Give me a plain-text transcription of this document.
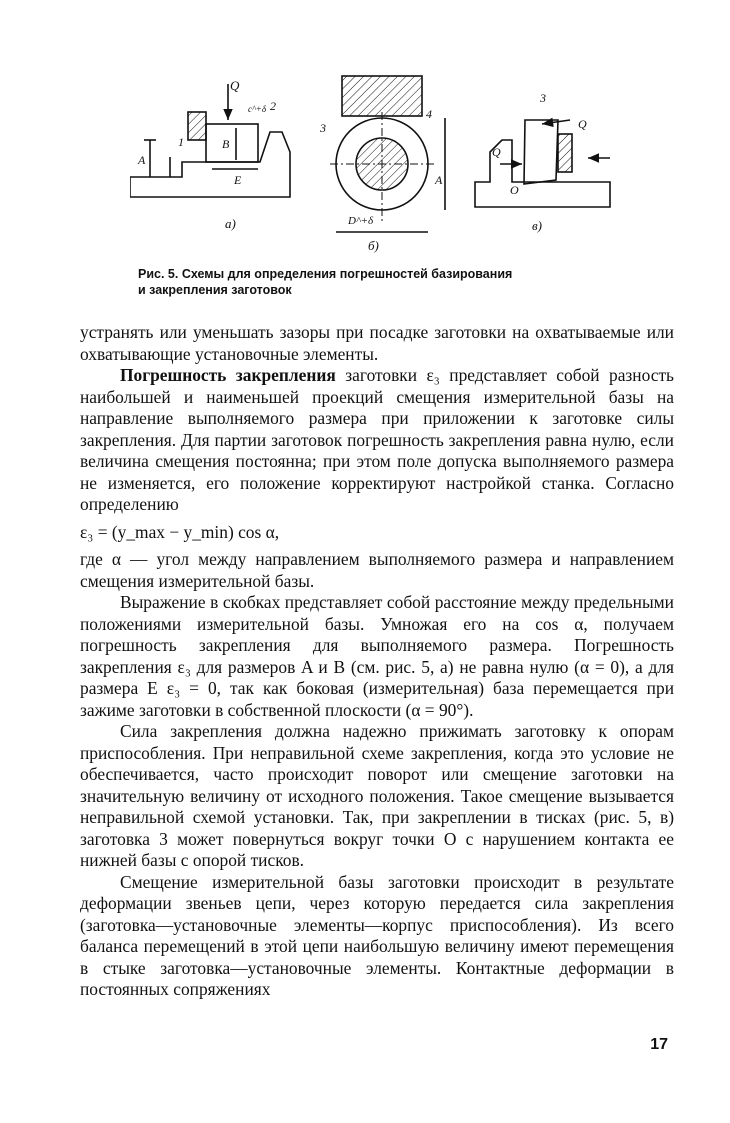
Q
1
2
A
B
E
c^+δ
а)
3
4
A
D^+δ
б)
3
Q
Q
O
в)
Рис. 5. Схемы для определения погрешностей базирования
и закрепления заготовок

устранять или уменьшать зазоры при посадке заготовки на охватываемые или охватывающие установочные элементы.

Погрешность закрепления заготовки ε₃ представляет собой разность наибольшей и наименьшей проекций смещения измерительной базы на направление выполняемого размера при приложении к заготовке силы закрепления. Для партии заготовок погрешность закрепления равна нулю, если величина смещения постоянна; при этом поле допуска выполняемого размера не изменяется, его положение корректируют настройкой станка. Согласно определению

ε₃ = (y_max − y_min) cos α,

где α — угол между направлением выполняемого размера и направлением смещения измерительной базы.

Выражение в скобках представляет собой расстояние между предельными положениями измерительной базы. Умножая его на cos α, получаем погрешность закрепления для выполняемого размера. Погрешность закрепления ε₃ для размеров A и B (см. рис. 5, а) не равна нулю (α = 0), а для размера E ε₃ = 0, так как боковая (измерительная) база перемещается при зажиме заготовки в собственной плоскости (α = 90°).

Сила закрепления должна надежно прижимать заготовку к опорам приспособления. При неправильной схеме закрепления, когда это условие не обеспечивается, часто происходит поворот или смещение заготовки на значительную величину от исходного положения. Такое смещение вызывается неправильной схемой установки. Так, при закреплении в тисках (рис. 5, в) заготовка 3 может повернуться вокруг точки O с нарушением контакта ее нижней базы с опорой тисков.

Смещение измерительной базы заготовки происходит в результате деформации звеньев цепи, через которую передается сила закрепления (заготовка—установочные элементы—корпус приспособления). Из всего баланса перемещений в этой цепи наибольшую величину имеют перемещения в стыке заготовка—установочные элементы. Контактные деформации в постоянных сопряжениях

17
